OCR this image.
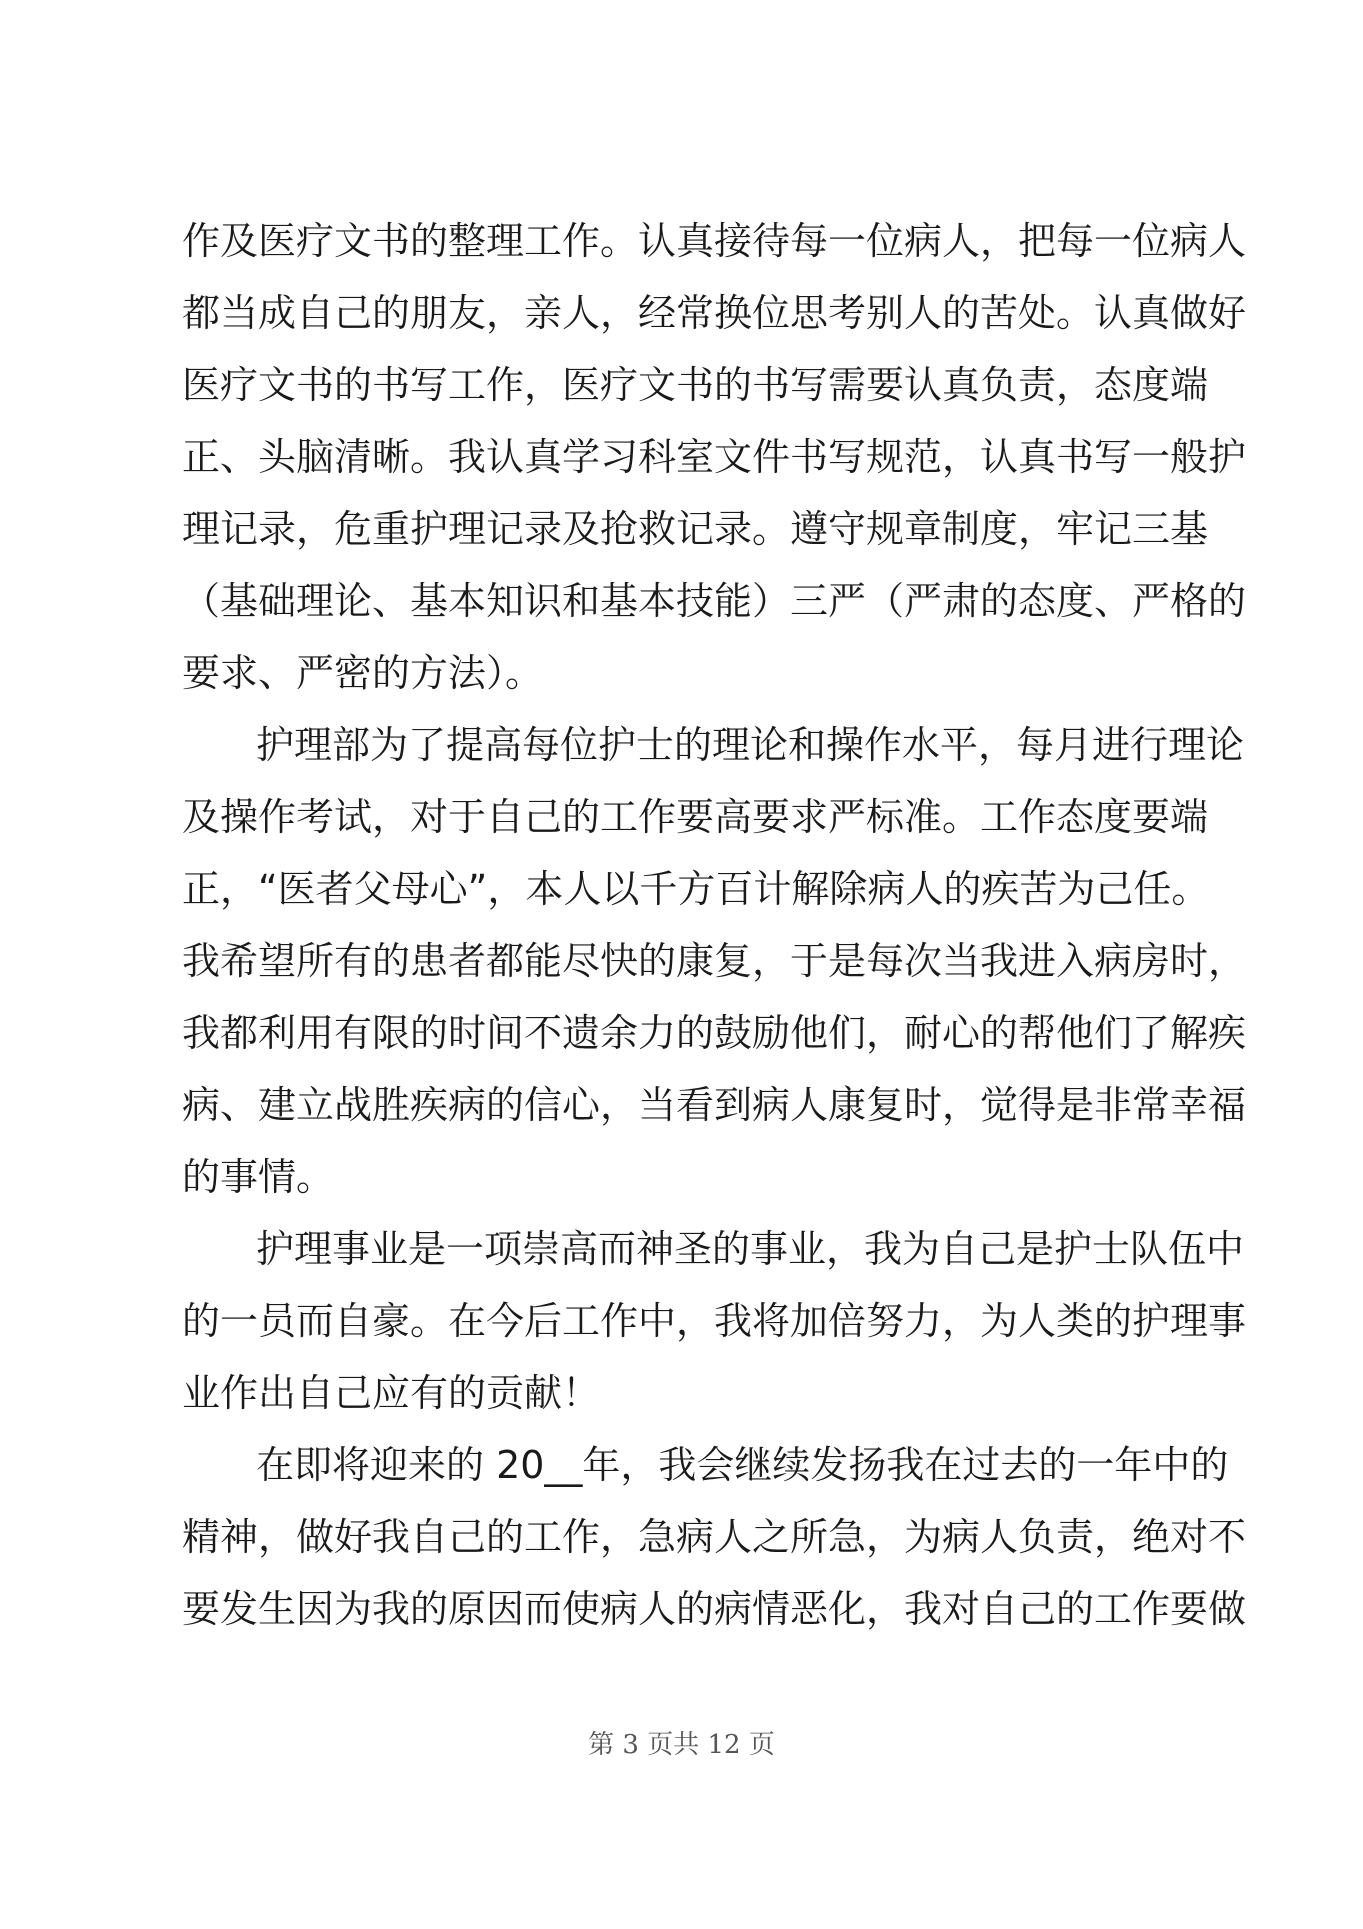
作及医疗文书的整理工作。认真接待每一位病人，把每一位病人
都当成自己的朋友，亲人，经常换位思考别人的苦处。认真做好
医疗文书的书写工作，医疗文书的书写需要认真负责，态度端
正、头脑清晰。我认真学习科室文件书写规范，认真书写一般护
理记录，危重护理记录及抢救记录。遵守规章制度，牢记三基
（基础理论、基本知识和基本技能）三严（严肃的态度、严格的
要求、严密的方法）。
护理部为了提高每位护士的理论和操作水平，每月进行理论
及操作考试，对于自己的工作要高要求严标准。工作态度要端
正，“医者父母心”，本人以千方百计解除病人的疾苦为己任。
我希望所有的患者都能尽快的康复，于是每次当我进入病房时，
我都利用有限的时间不遗余力的鼓励他们，耐心的帮他们了解疾
病、建立战胜疾病的信心，当看到病人康复时，觉得是非常幸福
的事情。
护理事业是一项崇高而神圣的事业，我为自己是护士队伍中
的一员而自豪。在今后工作中，我将加倍努力，为人类的护理事
业作出自己应有的贡献！
在即将迎来的 20__年，我会继续发扬我在过去的一年中的
精神，做好我自己的工作，急病人之所急，为病人负责，绝对不
要发生因为我的原因而使病人的病情恶化，我对自己的工作要做
第 3 页共 12 页
